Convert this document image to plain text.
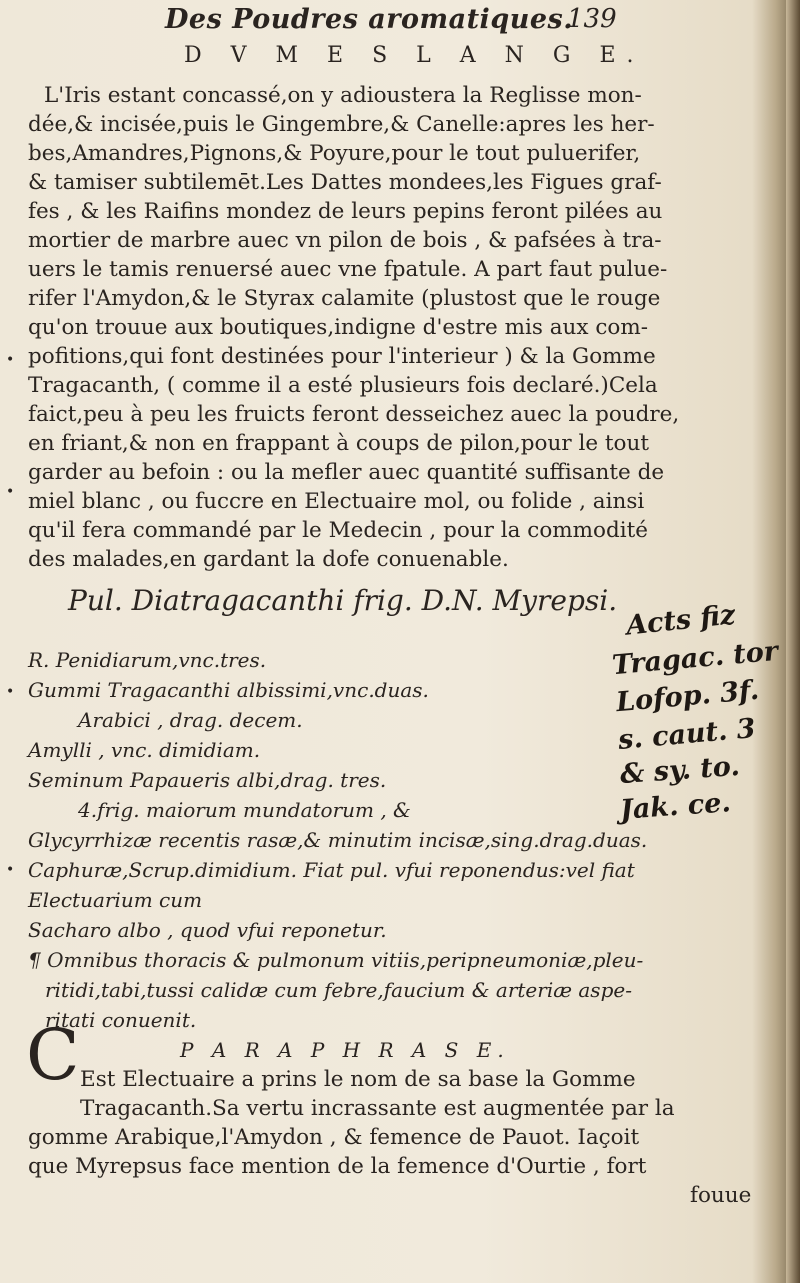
Des Poudres aromatiques.
139
D V M E S L A N G E.
L'Iris estant concassé,on y adioustera la Reglisse mon-
dée,& incisée,puis le Gingembre,& Canelle:apres les her-
bes,Amandres,Pignons,& Poyure,pour le tout puluerifer,
& tamiser subtilemēt.Les Dattes mondees,les Figues graf-
fes , & les Raifins mondez de leurs pepins feront pilées au
mortier de marbre auec vn pilon de bois , & pafsées à tra-
uers le tamis renuersé auec vne fpatule. A part faut pulue-
rifer l'Amydon,& le Styrax calamite (plustost que le rouge
qu'on trouue aux boutiques,indigne d'estre mis aux com-
pofitions,qui font destinées pour l'interieur ) & la Gomme
•
Tragacanth, ( comme il a esté plusieurs fois declaré.)Cela
faict,peu à peu les fruicts feront desseichez auec la poudre,
en friant,& non en frappant à coups de pilon,pour le tout
garder au befoin : ou la mefler auec quantité suffisante de
• miel blanc , ou fuccre en Electuaire mol, ou folide , ainsi
qu'il fera commandé par le Medecin , pour la commodité
des malades,en gardant la dofe conuenable.
Pul. Diatragacanthi frig. D.N. Myrepsi.
R. Penidiarum,vnc.tres.
• Gummi Tragacanthi albissimi,vnc.duas.
Arabici , drag. decem.
Amylli , vnc. dimidiam.
Seminum Papaueris albi,drag. tres.
4.frig. maiorum mundatorum , &
Glycyrrhizæ recentis rasæ,& minutim incisæ,sing.drag.duas.
• Caphuræ,Scrup.dimidium. Fiat pul. vfui reponendus:vel fiat
Electuarium cum
Sacharo albo , quod vfui reponetur.
¶ Omnibus thoracis & pulmonum vitiis,peripneumoniæ,pleu-
ritidi,tabi,tussi calidæ cum febre,faucium & arteriæ aspe-
ritati conuenit.
P A R A P H R A S E.
C Est Electuaire a prins le nom de sa base la Gomme
Tragacanth.Sa vertu incrassante est augmentée par la
gomme Arabique,l'Amydon , & femence de Pauot. Iaçoit
que Myrepsus face mention de la femence d'Ourtie , fort
fouue
Acts fiz
Tragac. tor
Lofop. 3f.
s. caut. 3
& sy. to.
Jak. ce.
